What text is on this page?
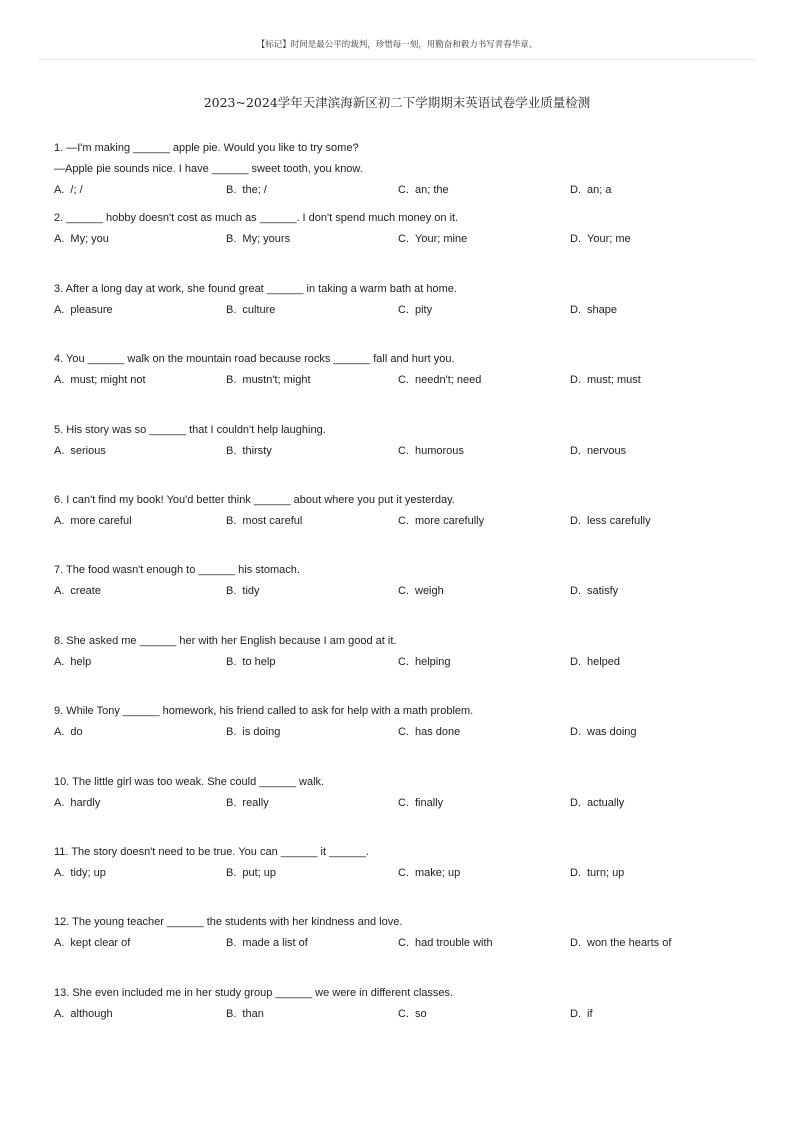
【标记】时间是最公平的裁判，珍惜每一刻，用勤奋和毅力书写青春华章。
2023~2024学年天津滨海新区初二下学期期末英语试卷学业质量检测
1. —I'm making ______ apple pie. Would you like to try some?
—Apple pie sounds nice. I have ______ sweet tooth, you know.
A. /; /	B. the; /	C. an; the	D. an; a
2. ______ hobby doesn't cost as much as ______. I don't spend much money on it.
A. My; you	B. My; yours	C. Your; mine	D. Your; me
3. After a long day at work, she found great ______ in taking a warm bath at home.
A. pleasure	B. culture	C. pity	D. shape
4. You ______ walk on the mountain road because rocks ______ fall and hurt you.
A. must; might not	B. mustn't; might	C. needn't; need	D. must; must
5. His story was so ______ that I couldn't help laughing.
A. serious	B. thirsty	C. humorous	D. nervous
6. I can't find my book! You'd better think ______ about where you put it yesterday.
A. more careful	B. most careful	C. more carefully	D. less carefully
7. The food wasn't enough to ______ his stomach.
A. create	B. tidy	C. weigh	D. satisfy
8. She asked me ______ her with her English because I am good at it.
A. help	B. to help	C. helping	D. helped
9. While Tony ______ homework, his friend called to ask for help with a math problem.
A. do	B. is doing	C. has done	D. was doing
10. The little girl was too weak. She could ______ walk.
A. hardly	B. really	C. finally	D. actually
11. The story doesn't need to be true. You can ______ it ______.
A. tidy; up	B. put; up	C. make; up	D. turn; up
12. The young teacher ______ the students with her kindness and love.
A. kept clear of	B. made a list of	C. had trouble with	D. won the hearts of
13. She even included me in her study group ______ we were in different classes.
A. although	B. than	C. so	D. if
